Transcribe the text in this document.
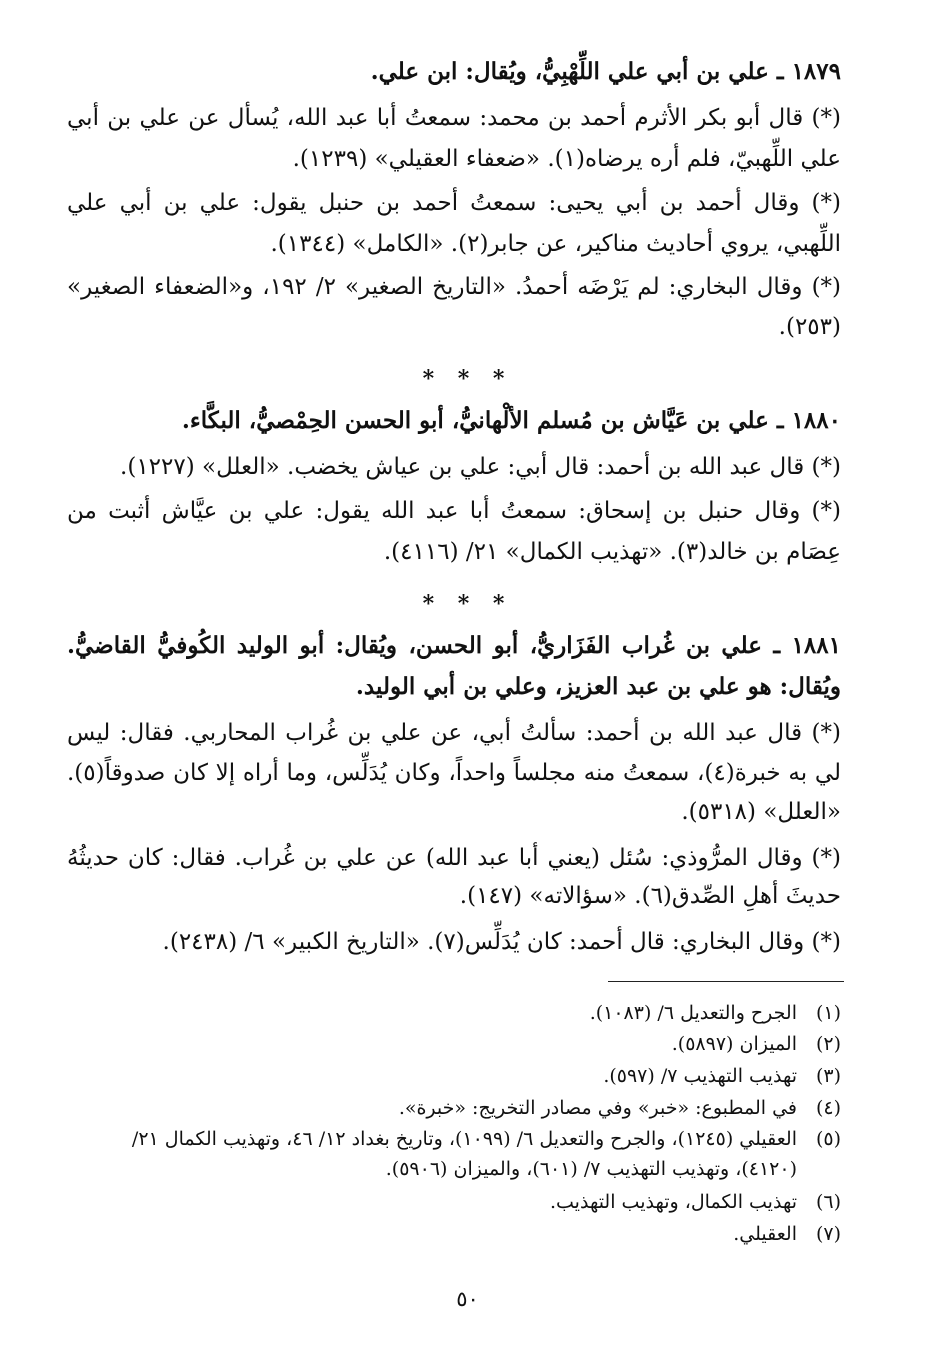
١٨٧٩ ـ علي بن أبي علي اللِّهْبِيُّ، ويُقال: ابن علي.
(*) قال أبو بكر الأثرم أحمد بن محمد: سمعتُ أبا عبد الله، يُسأل عن علي بن أبي
علي اللِّهبيّ، فلم أره يرضاه(١). «ضعفاء العقيلي» (١٢٣٩).
(*) وقال أحمد بن أبي يحيى: سمعتُ أحمد بن حنبل يقول: علي بن أبي علي
اللِّهبي، يروي أحاديث مناكير، عن جابر(٢). «الكامل» (١٣٤٤).
(*) وقال البخاري: لم يَرْضَه أحمدُ. «التاريخ الصغير» ٢/ ١٩٢، و«الضعفاء الصغير»
(٢٥٣).
* * *
١٨٨٠ ـ علي بن عَيَّاش بن مُسلم الألْهانيُّ، أبو الحسن الحِمْصيُّ، البكَّاء.
(*) قال عبد الله بن أحمد: قال أبي: علي بن عياش يخضب. «العلل» (١٢٢٧).
(*) وقال حنبل بن إسحاق: سمعتُ أبا عبد الله يقول: علي بن عيَّاش أثبت من
عِصَام بن خالد(٣). «تهذيب الكمال» ٢١/ (٤١١٦).
* * *
١٨٨١ ـ علي بن غُراب الفَزَاريُّ، أبو الحسن، ويُقال: أبو الوليد الكُوفيُّ القاضيُّ.
ويُقال: هو علي بن عبد العزيز، وعلي بن أبي الوليد.
(*) قال عبد الله بن أحمد: سألتُ أبي، عن علي بن غُراب المحاربي. فقال: ليس
لي به خبرة(٤)، سمعتُ منه مجلساً واحداً، وكان يُدَلِّس، وما أراه إلا كان صدوقاً(٥).
«العلل» (٥٣١٨).
(*) وقال المرُّوذي: سُئل (يعني أبا عبد الله) عن علي بن غُراب. فقال: كان حديثُهُ
حديثَ أهلِ الصِّدق(٦). «سؤالاته» (١٤٧).
(*) وقال البخاري: قال أحمد: كان يُدَلِّس(٧). «التاريخ الكبير» ٦/ (٢٤٣٨).
(١)
الجرح والتعديل ٦/ (١٠٨٣).
(٢)
الميزان (٥٨٩٧).
(٣)
تهذيب التهذيب ٧/ (٥٩٧).
(٤)
في المطبوع: «خبر» وفي مصادر التخريج: «خبرة».
(٥)
العقيلي (١٢٤٥)، والجرح والتعديل ٦/ (١٠٩٩)، وتاريخ بغداد ١٢/ ٤٦، وتهذيب الكمال ٢١/
(٤١٢٠)، وتهذيب التهذيب ٧/ (٦٠١)، والميزان (٥٩٠٦).
(٦)
تهذيب الكمال، وتهذيب التهذيب.
(٧)
العقيلي.
٥٠
